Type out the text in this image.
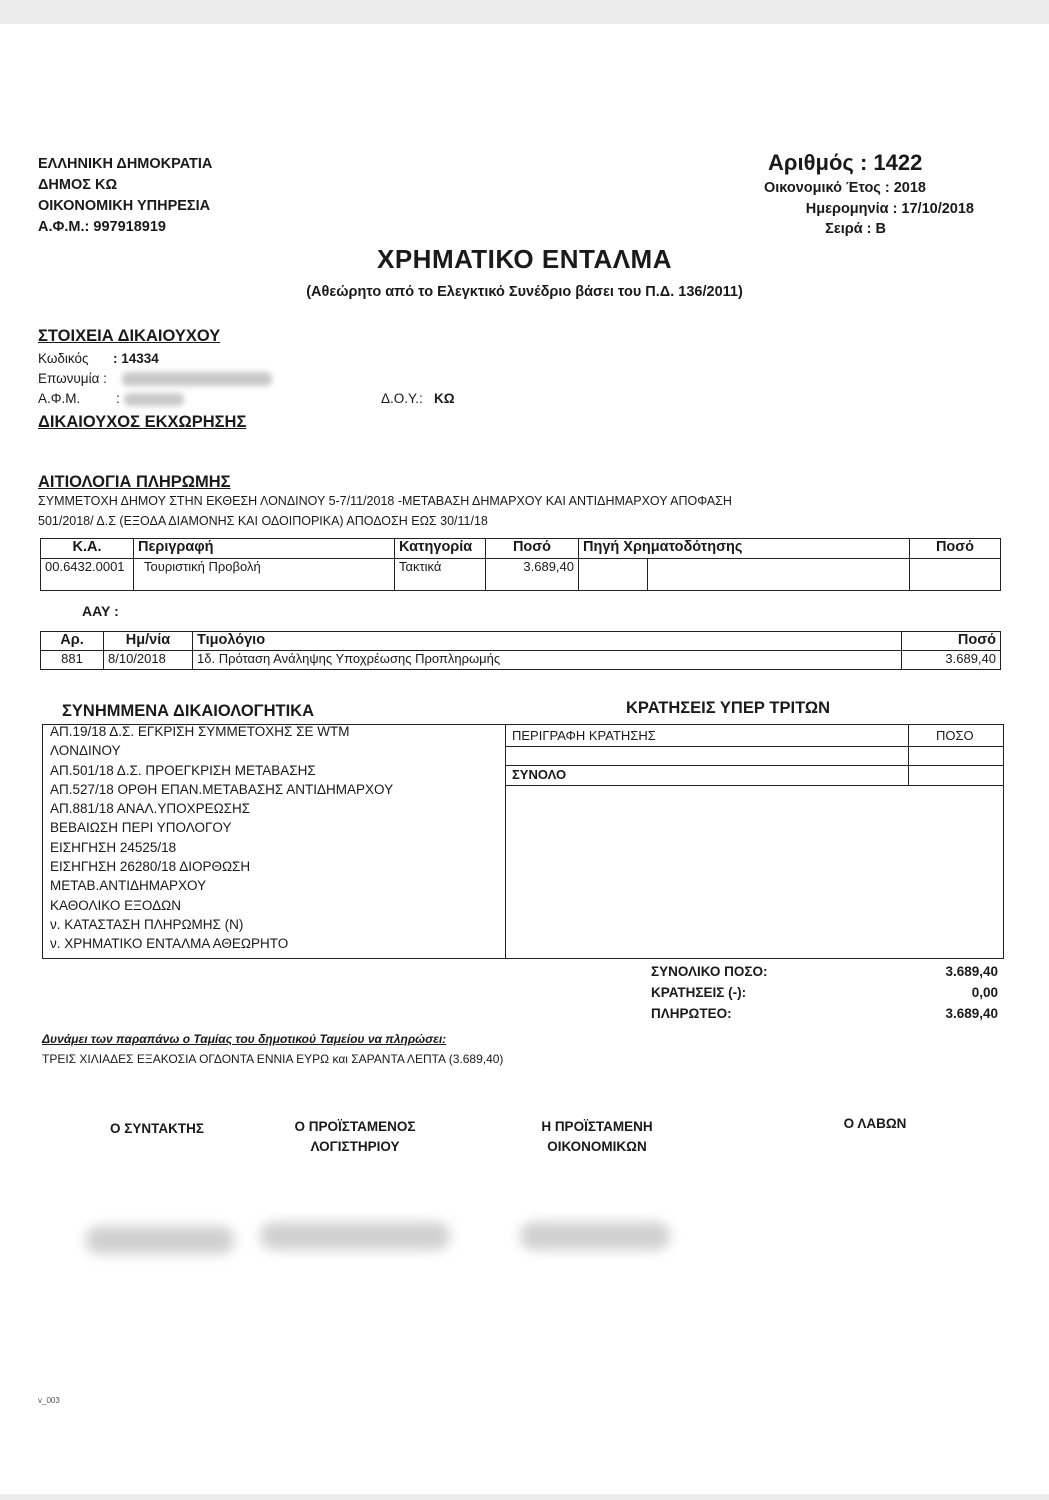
ΕΛΛΗΝΙΚΗ ΔΗΜΟΚΡΑΤΙΑ
ΔΗΜΟΣ ΚΩ
ΟΙΚΟΝΟΜΙΚΗ ΥΠΗΡΕΣΙΑ
Α.Φ.Μ.: 997918919
Αριθμός : 1422
Οικονομικό Έτος : 2018
Ημερομηνία : 17/10/2018
Σειρά : Β
ΧΡΗΜΑΤΙΚΟ ΕΝΤΑΛΜΑ
(Αθεώρητο από το Ελεγκτικό Συνέδριο βάσει του Π.Δ. 136/2011)
ΣΤΟΙΧΕΙΑ ΔΙΚΑΙΟΥΧΟΥ
Κωδικός : 14334
Επωνυμία :
Α.Φ.Μ.	:	Δ.Ο.Υ.: ΚΩ
ΔΙΚΑΙΟΥΧΟΣ ΕΚΧΩΡΗΣΗΣ
ΑΙΤΙΟΛΟΓΙΑ ΠΛΗΡΩΜΗΣ
ΣΥΜΜΕΤΟΧΗ ΔΗΜΟΥ ΣΤΗΝ ΕΚΘΕΣΗ ΛΟΝΔΙΝΟΥ 5-7/11/2018 -ΜΕΤΑΒΑΣΗ ΔΗΜΑΡΧΟΥ ΚΑΙ ΑΝΤΙΔΗΜΑΡΧΟΥ ΑΠΟΦΑΣΗ
501/2018/ Δ.Σ (ΕΞΟΔΑ ΔΙΑΜΟΝΗΣ ΚΑΙ ΟΔΟΙΠΟΡΙΚΑ) ΑΠΟΔΟΣΗ ΕΩΣ 30/11/18
Κ.Α.	Περιγραφή	Κατηγορία	Ποσό	Πηγή Χρηματοδότησης	Ποσό
00.6432.0001	Τουριστική Προβολή	Τακτικά	3.689,40	

ΑΑΥ :
Αρ.	Ημ/νία	Τιμολόγιο	Ποσό
881	8/10/2018	1δ. Πρόταση Ανάληψης Υποχρέωσης Προπληρωμής	3.689,40
ΣΥΝΗΜΜΕΝΑ ΔΙΚΑΙΟΛΟΓΗΤΙΚΑ	ΚΡΑΤΗΣΕΙΣ ΥΠΕΡ ΤΡΙΤΩΝ
ΑΠ.19/18 Δ.Σ. ΕΓΚΡΙΣΗ ΣΥΜΜΕΤΟΧΗΣ ΣΕ WTM
ΛΟΝΔΙΝΟΥ
ΑΠ.501/18 Δ.Σ. ΠΡΟΕΓΚΡΙΣΗ ΜΕΤΑΒΑΣΗΣ
ΑΠ.527/18 ΟΡΘΗ ΕΠΑΝ.ΜΕΤΑΒΑΣΗΣ ΑΝΤΙΔΗΜΑΡΧΟΥ
ΑΠ.881/18 ΑΝΑΛ.ΥΠΟΧΡΕΩΣΗΣ
ΒΕΒΑΙΩΣΗ ΠΕΡΙ ΥΠΟΛΟΓΟΥ
ΕΙΣΗΓΗΣΗ 24525/18
ΕΙΣΗΓΗΣΗ 26280/18 ΔΙΟΡΘΩΣΗ
ΜΕΤΑΒ.ΑΝΤΙΔΗΜΑΡΧΟΥ
ΚΑΘΟΛΙΚΟ ΕΞΟΔΩΝ
ν. ΚΑΤΑΣΤΑΣΗ ΠΛΗΡΩΜΗΣ (Ν)
ν. ΧΡΗΜΑΤΙΚΟ ΕΝΤΑΛΜΑ ΑΘΕΩΡΗΤΟ
ΠΕΡΙΓΡΑΦΗ ΚΡΑΤΗΣΗΣ	ΠΟΣΟ
ΣΥΝΟΛΟ
ΣΥΝΟΛΙΚΟ ΠΟΣΟ:	3.689,40
ΚΡΑΤΗΣΕΙΣ (-):	0,00
ΠΛΗΡΩΤΕΟ:	3.689,40
Δυνάμει των παραπάνω ο Ταμίας του δημοτικού Ταμείου να πληρώσει:
ΤΡΕΙΣ ΧΙΛΙΑΔΕΣ ΕΞΑΚΟΣΙΑ ΟΓΔΟΝΤΑ ΕΝΝΙΑ ΕΥΡΩ και ΣΑΡΑΝΤΑ ΛΕΠΤΑ (3.689,40)
Ο ΣΥΝΤΑΚΤΗΣ	Ο ΠΡΟΪΣΤΑΜΕΝΟΣ
ΛΟΓΙΣΤΗΡΙΟΥ
Η ΠΡΟΪΣΤΑΜΕΝΗ
ΟΙΚΟΝΟΜΙΚΩΝ
Ο ΛΑΒΩΝ
v_003
